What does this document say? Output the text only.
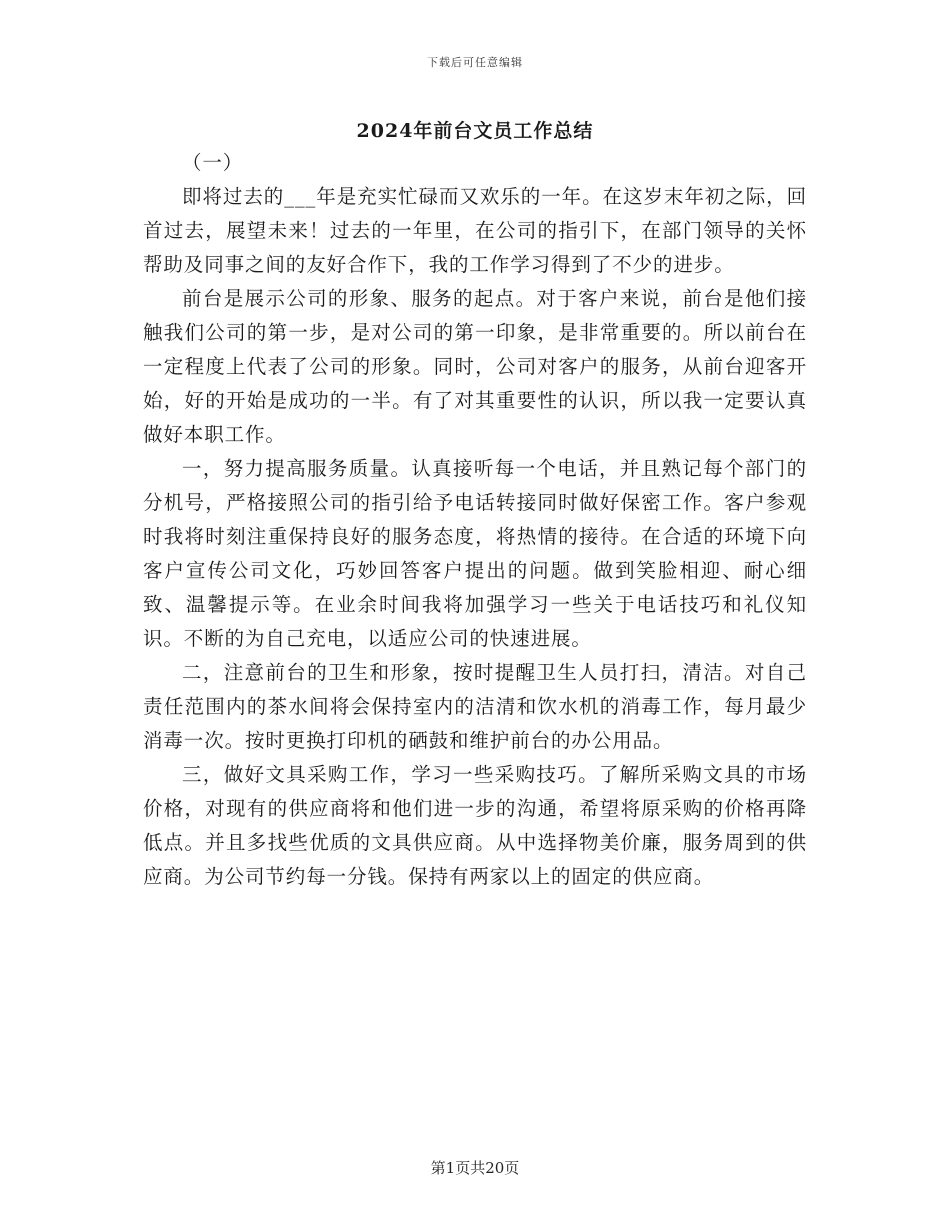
下载后可任意编辑
2024年前台文员工作总结

（一）

即将过去的___年是充实忙碌而又欢乐的一年。在这岁末年初之际，回首过去，展望未来！过去的一年里，在公司的指引下，在部门领导的关怀帮助及同事之间的友好合作下，我的工作学习得到了不少的进步。

前台是展示公司的形象、服务的起点。对于客户来说，前台是他们接触我们公司的第一步，是对公司的第一印象，是非常重要的。所以前台在一定程度上代表了公司的形象。同时，公司对客户的服务，从前台迎客开始，好的开始是成功的一半。有了对其重要性的认识，所以我一定要认真做好本职工作。

一，努力提高服务质量。认真接听每一个电话，并且熟记每个部门的分机号，严格接照公司的指引给予电话转接同时做好保密工作。客户参观时我将时刻注重保持良好的服务态度，将热情的接待。在合适的环境下向客户宣传公司文化，巧妙回答客户提出的问题。做到笑脸相迎、耐心细致、温馨提示等。在业余时间我将加强学习一些关于电话技巧和礼仪知识。不断的为自己充电，以适应公司的快速进展。

二，注意前台的卫生和形象，按时提醒卫生人员打扫，清洁。对自己责任范围内的茶水间将会保持室内的洁清和饮水机的消毒工作，每月最少消毒一次。按时更换打印机的硒鼓和维护前台的办公用品。

三，做好文具采购工作，学习一些采购技巧。了解所采购文具的市场价格，对现有的供应商将和他们进一步的沟通，希望将原采购的价格再降低点。并且多找些优质的文具供应商。从中选择物美价廉，服务周到的供应商。为公司节约每一分钱。保持有两家以上的固定的供应商。

第1页共20页
